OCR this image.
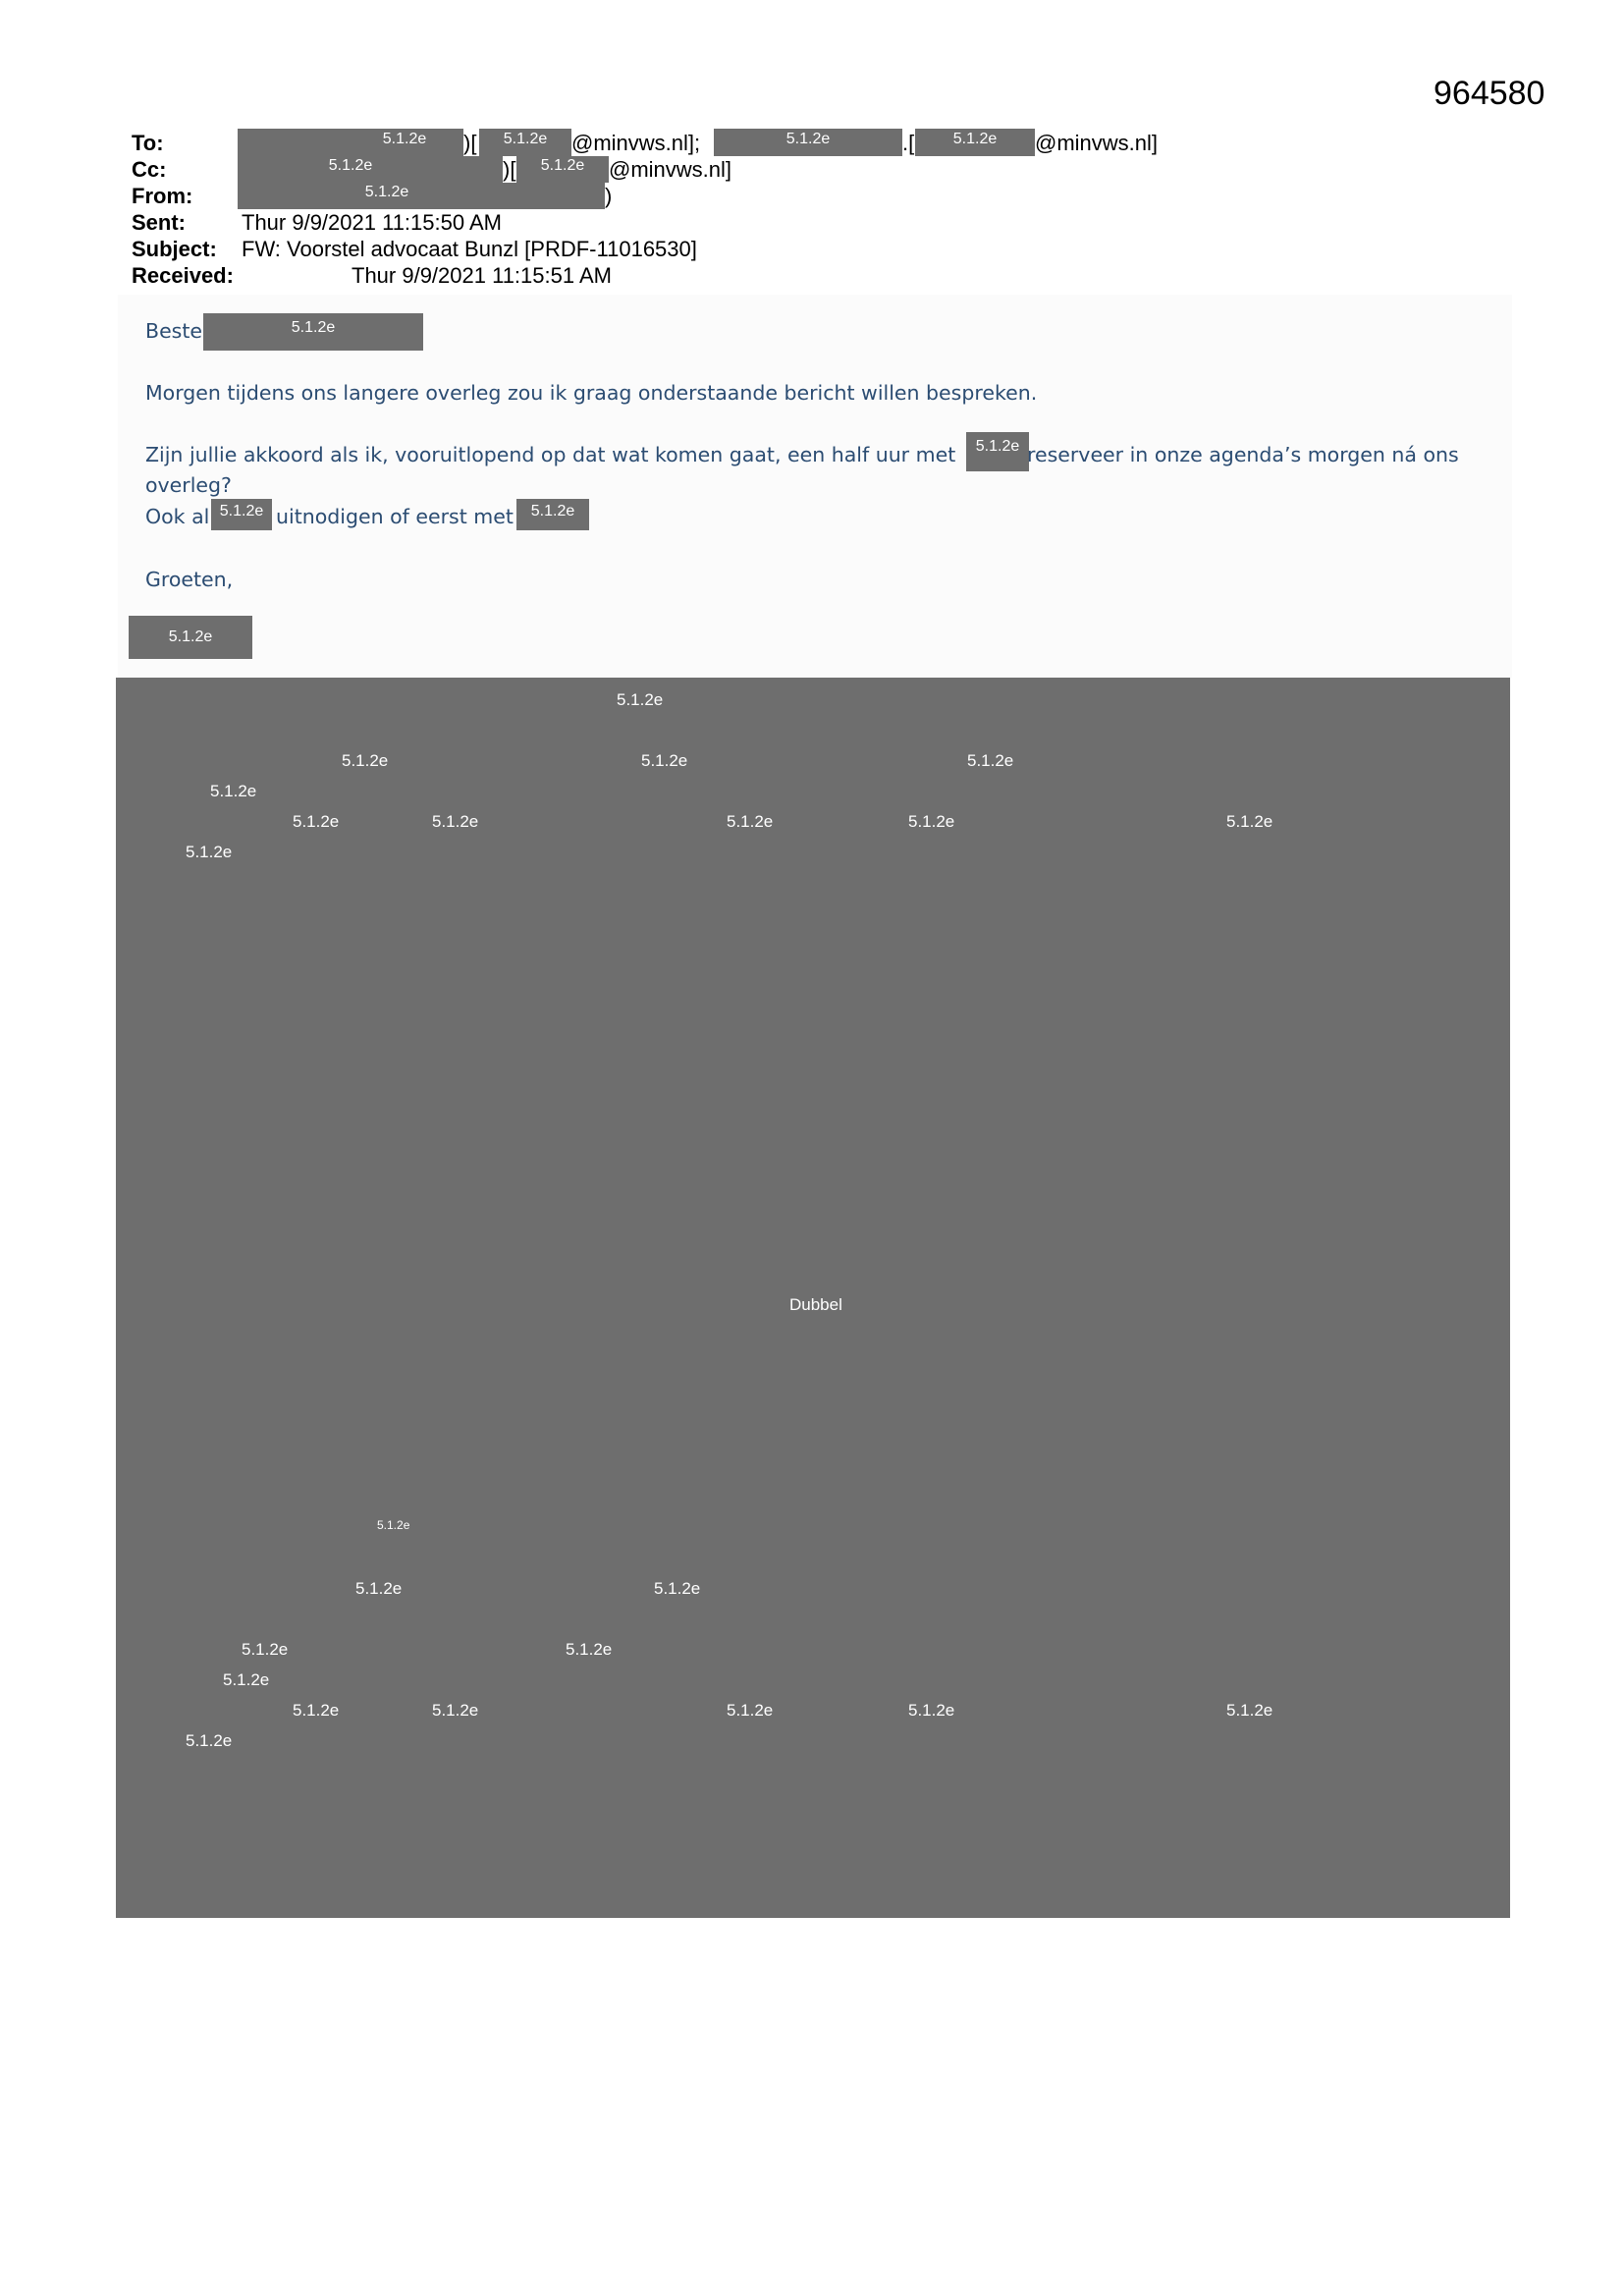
964580
To:	5.1.2e )[	5.1.2e	@minvws.nl];	5.1.2e	.[	5.1.2e	@minvws.nl]
Cc:	5.1.2e	)[	5.1.2e	@minvws.nl]
From:	5.1.2e	)
Sent:	Thur 9/9/2021 11:15:50 AM
Subject: FW: Voorstel advocaat Bunzl [PRDF-11016530]
Received:	Thur 9/9/2021 11:15:51 AM
Beste	5.1.2e
Morgen tijdens ons langere overleg zou ik graag onderstaande bericht willen bespreken.
Zijn jullie akkoord als ik, vooruitlopend op dat wat komen gaat, een half uur met	5.1.2e reserveer in onze agenda’s morgen ná ons
overleg?
Ook al 5.1.2e uitnodigen of eerst met	5.1.2e
Groeten,
5.1.2e
5.1.2e
5.1.2e	5.1.2e	5.1.2e
5.1.2e
5.1.2e	5.1.2e	5.1.2e	5.1.2e	5.1.2e
5.1.2e
Dubbel
5.1.2e
5.1.2e	5.1.2e
5.1.2e	5.1.2e
5.1.2e
5.1.2e	5.1.2e	5.1.2e	5.1.2e	5.1.2e
5.1.2e
